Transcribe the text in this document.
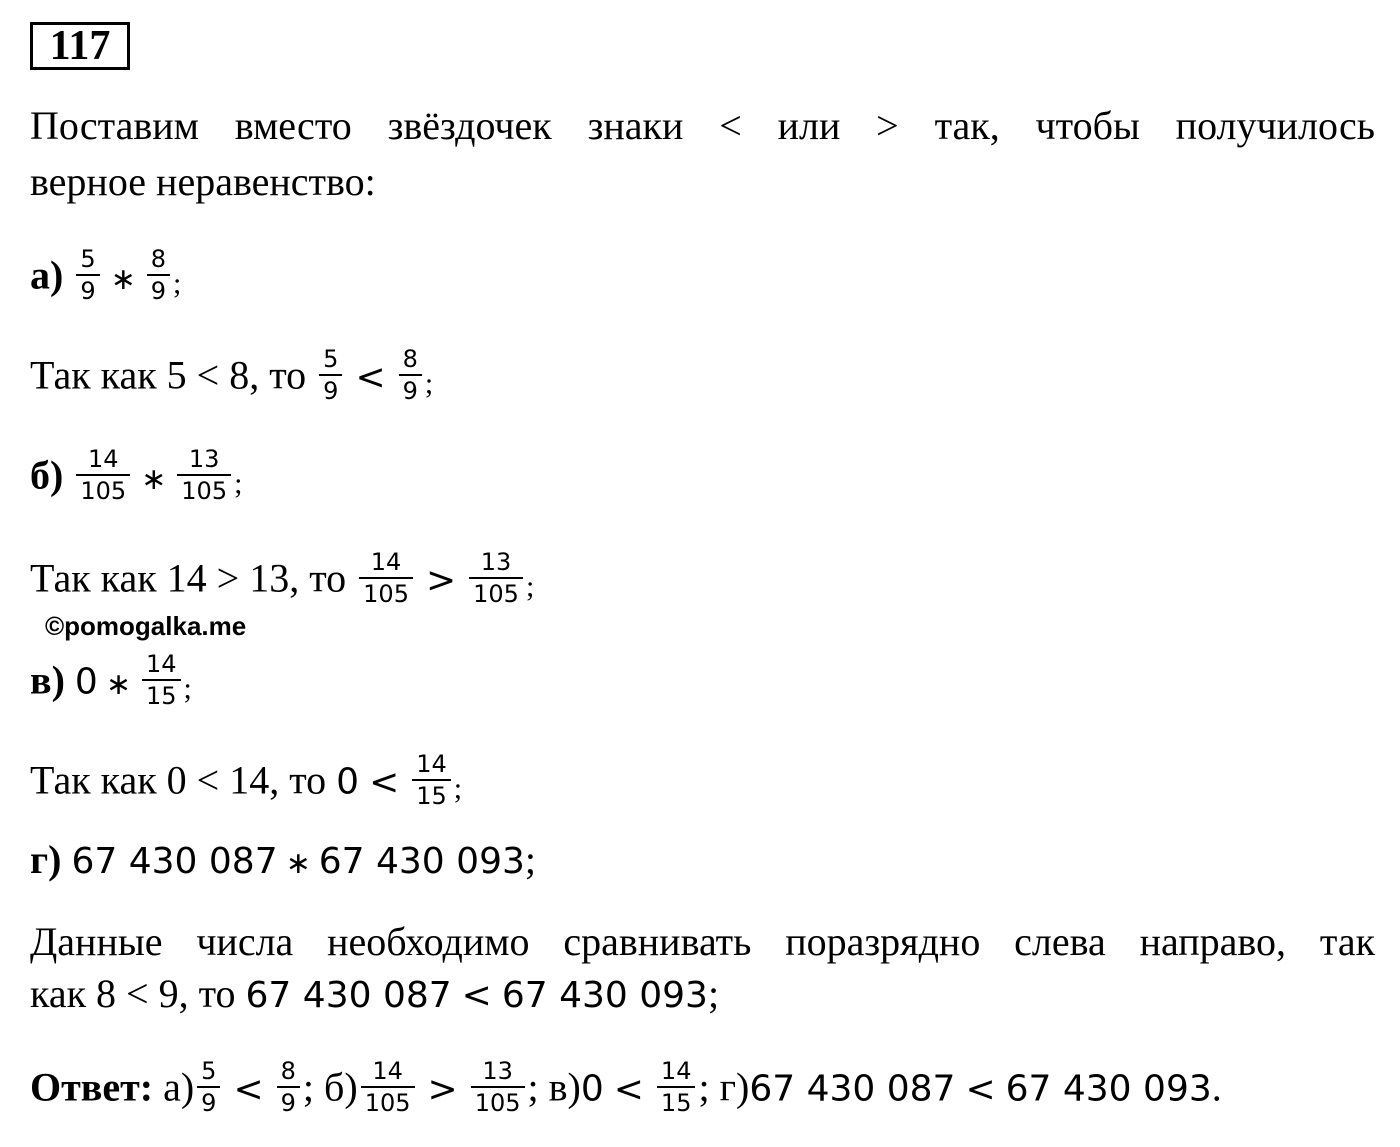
117
Поставим вместо звёздочек знаки < или > так, чтобы получилось
верное неравенство:
$а) \frac{5}{9}$ ∗ $\frac{8}{9}$ ;
Так как 5 < 8, то $\frac{5}{9} < \frac{8}{9}$ ;
$б) \frac{14}{105}$ ∗ $\frac{13}{105}$ ;
Так как 14 > 13, то $\frac{14}{105} > \frac{13}{105}$ ;
©pomogalka.me
в) 0 ∗ $\frac{14}{15}$ ;
Так как 0 < 14, то $0 < \frac{14}{15}$ ;
г) 67 430 087 ∗ 67 430 093;
Данные числа необходимо сравнивать поразрядно слева направо, так
как 8 < 9, то 67 430 087 < 67 430 093;
Ответ: $а) \frac{5}{9} < \frac{8}{9}$ ; $б) \frac{14}{105} > \frac{13}{105}$ ; $в)0 < \frac{14}{15}$ ; г)67 430 087 < 67 430 093.
